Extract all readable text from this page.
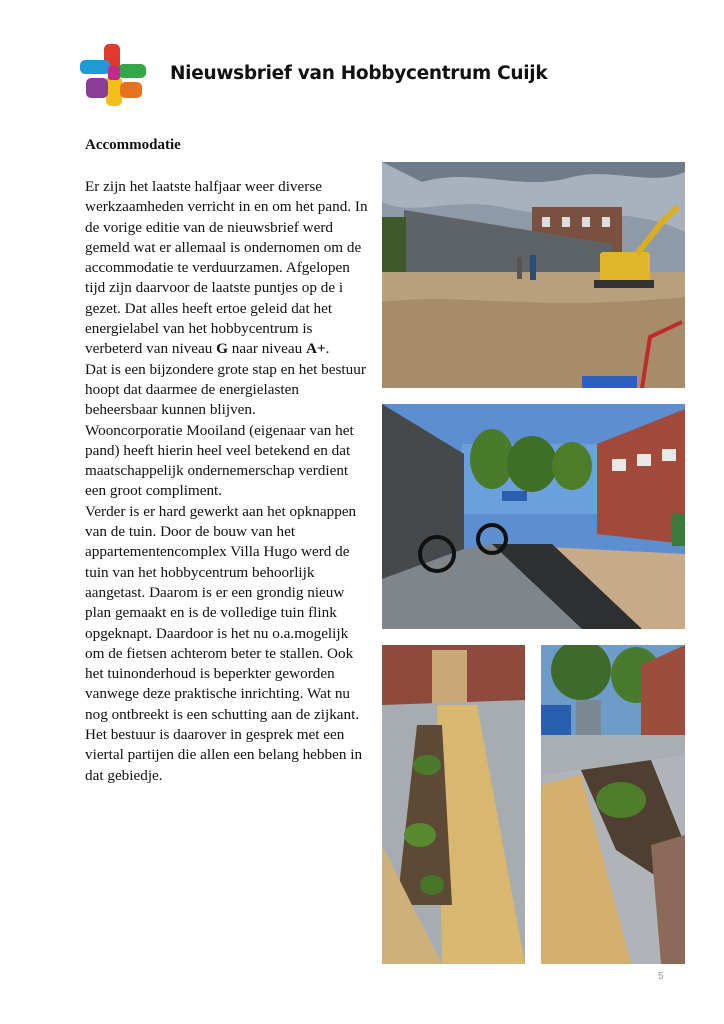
Nieuwsbrief van Hobbycentrum Cuijk
Accommodatie

Er zijn het laatste halfjaar weer diverse werkzaamheden verricht in en om het pand. In de vorige editie van de nieuwsbrief werd gemeld wat er allemaal is ondernomen om de accommodatie te verduurzamen. Afgelopen tijd zijn daarvoor de laatste puntjes op de i gezet. Dat alles heeft ertoe geleid dat het energielabel van het hobbycentrum is verbeterd van niveau G naar niveau A+.

Dat is een bijzondere grote stap en het bestuur hoopt dat daarmee de energielasten beheersbaar kunnen blijven.

Wooncorporatie Mooiland (eigenaar van het pand) heeft hierin heel veel betekend en dat maatschappelijk ondernemerschap verdient een groot compliment.

Verder is er hard gewerkt aan het opknappen van de tuin. Door de bouw van het appartementencomplex Villa Hugo werd de tuin van het hobbycentrum behoorlijk aangetast. Daarom is er een grondig nieuw plan gemaakt en is de volledige tuin flink opgeknapt. Daardoor is het nu o.a.mogelijk om de fietsen achterom beter te stallen. Ook het tuinonderhoud is beperkter geworden vanwege deze praktische inrichting. Wat nu nog ontbreekt is een schutting aan de zijkant. Het bestuur is daarover in gesprek met een viertal partijen die allen een belang hebben in dat gebiedje.

5
